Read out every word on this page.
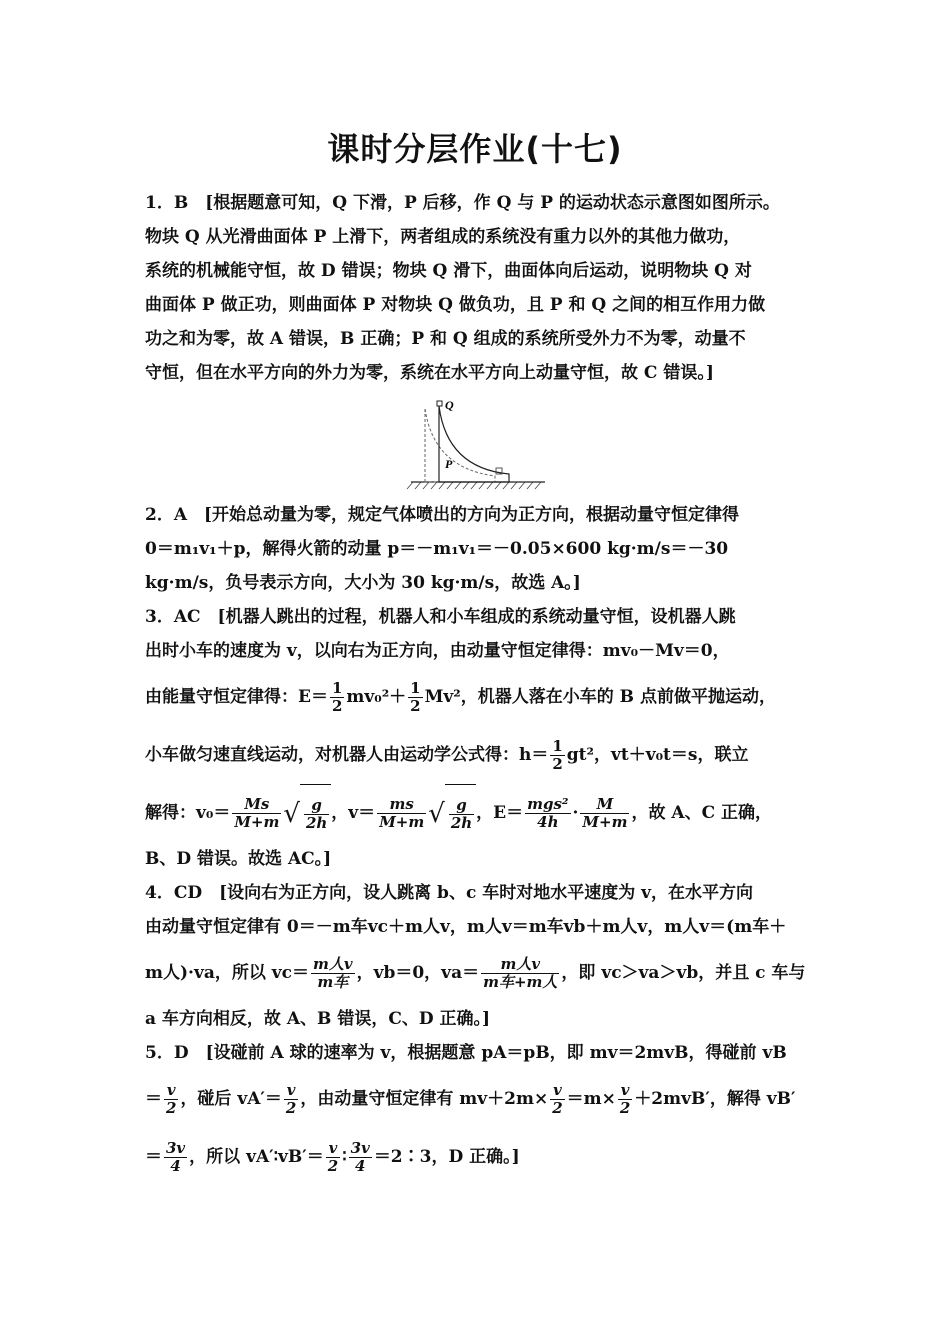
课时分层作业(十七)
1．B　[根据题意可知，Q 下滑，P 后移，作 Q 与 P 的运动状态示意图如图所示。
物块 Q 从光滑曲面体 P 上滑下，两者组成的系统没有重力以外的其他力做功，
系统的机械能守恒，故 D 错误；物块 Q 滑下，曲面体向后运动，说明物块 Q 对
曲面体 P 做正功，则曲面体 P 对物块 Q 做负功，且 P 和 Q 之间的相互作用力做
功之和为零，故 A 错误，B 正确；P 和 Q 组成的系统所受外力不为零，动量不
守恒，但在水平方向的外力为零，系统在水平方向上动量守恒，故 C 错误。]
Q
P
2．A　[开始总动量为零，规定气体喷出的方向为正方向，根据动量守恒定律得
0＝m₁v₁＋p，解得火箭的动量 p＝－m₁v₁＝－0.05×600 kg·m/s＝－30
kg·m/s，负号表示方向，大小为 30 kg·m/s，故选 A。]
3．AC　[机器人跳出的过程，机器人和小车组成的系统动量守恒，设机器人跳
出时小车的速度为 v，以向右为正方向，由动量守恒定律得：mv₀－Mv＝0，
由能量守恒定律得：$E= \frac{1}{2} mv_0^2+ \frac{1}{2} Mv^2$，机器人落在小车的 B 点前做平抛运动，
小车做匀速直线运动，对机器人由运动学公式得：$h= \frac{1}{2} gt^2$，vt＋v₀t＝s，联立
解得：$v_0= \frac{Ms}{M+m}$ √ $\frac{g}{2h}$ ，$v= \frac{ms}{M+m}$ √ $\frac{g}{2h}$ ，$E= \frac{\text{mgs²}}{4h} \cdot \frac{M}{M+m}$ ，故 A、C 正确，
B、D 错误。故选 AC。]
4．CD　[设向右为正方向，设人跳离 b、c 车时对地水平速度为 v，在水平方向
由动量守恒定律有 0＝－m车vc＋m人v，m人v＝m车vb＋m人v，m人v＝(m车＋
m人)·va，所以 $vc= \frac{\text{m人v}}{\text{m车}}$ ，vb＝0，$va= \frac{\text{m人v}}{\text{m车+m人}}$ ，即 vc＞va＞vb，并且 c 车与
a 车方向相反，故 A、B 错误，C、D 正确。]
5．D　[设碰前 A 球的速率为 v，根据题意 pA＝pB，即 mv＝2mvB，得碰前 vB
＝ $\frac{v}{2}$ ，碰后 $vA'= \frac{v}{2}$ ，由动量守恒定律有 $mv+2m\times \frac{v}{2} =m\times \frac{v}{2} +2mvB'$，解得 vB′
＝ $\frac{3v}{4}$ ，所以 vA′∶vB′＝ $\frac{v}{2}$ ∶ $\frac{3v}{4}$ ＝2∶3，D 正确。]
